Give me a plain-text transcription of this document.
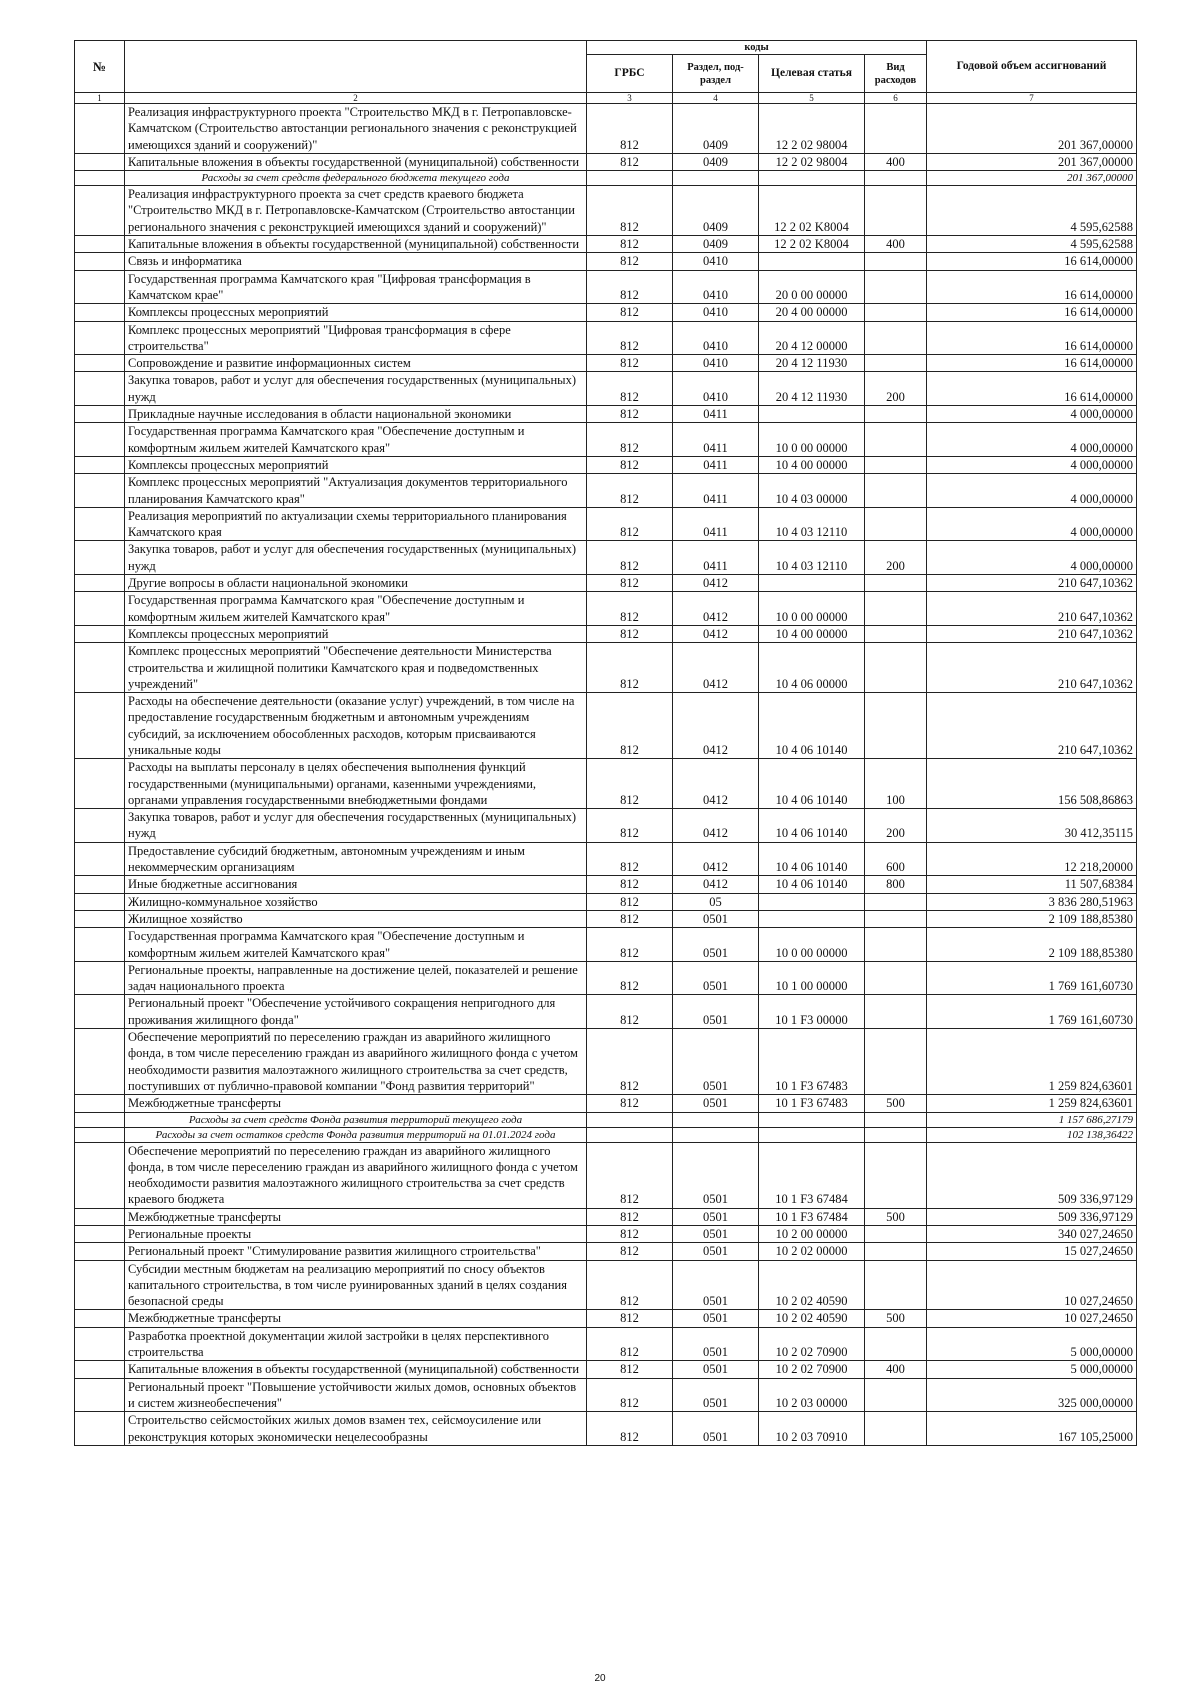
№		коды				Годовой объем ассигнований
		ГРБС	Раздел, под-раздел	Целевая статья	Вид расходов	
1	2	3	4	5	6	7
	Реализация инфраструктурного проекта "Строительство МКД в г. Петропавловске-Камчатском (Строительство автостанции регионального значения с реконструкцией имеющихся зданий и сооружений)"	812	0409	12 2 02 98004		201 367,00000
	Капитальные вложения в объекты государственной (муниципальной) собственности	812	0409	12 2 02 98004	400	201 367,00000
	Расходы за счет средств федерального бюджета текущего года					201 367,00000
	Реализация инфраструктурного проекта за счет средств краевого бюджета "Строительство МКД в г. Петропавловске-Камчатском (Строительство автостанции регионального значения с реконструкцией имеющихся зданий и сооружений)"	812	0409	12 2 02 K8004		4 595,62588
	Капитальные вложения в объекты государственной (муниципальной) собственности	812	0409	12 2 02 K8004	400	4 595,62588
	Связь и информатика	812	0410			16 614,00000
	Государственная программа Камчатского края "Цифровая трансформация в Камчатском крае"	812	0410	20 0 00 00000		16 614,00000
	Комплексы процессных мероприятий	812	0410	20 4 00 00000		16 614,00000
	Комплекс процессных мероприятий "Цифровая трансформация в сфере строительства"	812	0410	20 4 12 00000		16 614,00000
	Сопровождение и развитие информационных систем	812	0410	20 4 12 11930		16 614,00000
	Закупка товаров, работ и услуг для обеспечения государственных (муниципальных) нужд	812	0410	20 4 12 11930	200	16 614,00000
	Прикладные научные исследования в области национальной экономики	812	0411			4 000,00000
	Государственная программа Камчатского края "Обеспечение доступным и комфортным жильем жителей Камчатского края"	812	0411	10 0 00 00000		4 000,00000
	Комплексы процессных мероприятий	812	0411	10 4 00 00000		4 000,00000
	Комплекс процессных мероприятий "Актуализация документов территориального планирования Камчатского края"	812	0411	10 4 03 00000		4 000,00000
	Реализация мероприятий по актуализации схемы территориального планирования Камчатского края	812	0411	10 4 03 12110		4 000,00000
	Закупка товаров, работ и услуг для обеспечения государственных (муниципальных) нужд	812	0411	10 4 03 12110	200	4 000,00000
	Другие вопросы в области национальной экономики	812	0412			210 647,10362
	Государственная программа Камчатского края "Обеспечение доступным и комфортным жильем жителей Камчатского края"	812	0412	10 0 00 00000		210 647,10362
	Комплексы процессных мероприятий	812	0412	10 4 00 00000		210 647,10362
	Комплекс процессных мероприятий "Обеспечение деятельности Министерства строительства и жилищной политики Камчатского края и подведомственных учреждений"	812	0412	10 4 06 00000		210 647,10362
	Расходы на обеспечение деятельности (оказание услуг) учреждений, в том числе на предоставление государственным бюджетным и автономным учреждениям субсидий, за исключением обособленных расходов, которым присваиваются уникальные коды	812	0412	10 4 06 10140		210 647,10362
	Расходы на выплаты персоналу в целях обеспечения выполнения функций государственными (муниципальными) органами, казенными учреждениями, органами управления государственными внебюджетными фондами	812	0412	10 4 06 10140	100	156 508,86863
	Закупка товаров, работ и услуг для обеспечения государственных (муниципальных) нужд	812	0412	10 4 06 10140	200	30 412,35115
	Предоставление субсидий бюджетным, автономным учреждениям и иным некоммерческим организациям	812	0412	10 4 06 10140	600	12 218,20000
	Иные бюджетные ассигнования	812	0412	10 4 06 10140	800	11 507,68384
	Жилищно-коммунальное хозяйство	812	05			3 836 280,51963
	Жилищное хозяйство	812	0501			2 109 188,85380
	Государственная программа Камчатского края "Обеспечение доступным и комфортным жильем жителей Камчатского края"	812	0501	10 0 00 00000		2 109 188,85380
	Региональные проекты, направленные на достижение целей, показателей и решение задач национального проекта	812	0501	10 1 00 00000		1 769 161,60730
	Региональный проект "Обеспечение устойчивого сокращения непригодного для проживания жилищного фонда"	812	0501	10 1 F3 00000		1 769 161,60730
	Обеспечение мероприятий по переселению граждан из аварийного жилищного фонда, в том числе переселению граждан из аварийного жилищного фонда с учетом необходимости развития малоэтажного жилищного строительства за счет средств, поступивших от публично-правовой компании "Фонд развития территорий"	812	0501	10 1 F3 67483		1 259 824,63601
	Межбюджетные трансферты	812	0501	10 1 F3 67483	500	1 259 824,63601
	Расходы за счет средств Фонда развития территорий текущего года					1 157 686,27179
	Расходы за счет остатков средств Фонда развития территорий на 01.01.2024 года					102 138,36422
	Обеспечение мероприятий по переселению граждан из аварийного жилищного фонда, в том числе переселению граждан из аварийного жилищного фонда с учетом необходимости развития малоэтажного жилищного строительства за счет средств краевого бюджета	812	0501	10 1 F3 67484		509 336,97129
	Межбюджетные трансферты	812	0501	10 1 F3 67484	500	509 336,97129
	Региональные проекты	812	0501	10 2 00 00000		340 027,24650
	Региональный проект "Стимулирование развития жилищного строительства"	812	0501	10 2 02 00000		15 027,24650
	Субсидии местным бюджетам на реализацию мероприятий по сносу объектов капитального строительства, в том числе руинированных зданий в целях создания безопасной среды	812	0501	10 2 02 40590		10 027,24650
	Межбюджетные трансферты	812	0501	10 2 02 40590	500	10 027,24650
	Разработка проектной документации жилой застройки в целях перспективного строительства	812	0501	10 2 02 70900		5 000,00000
	Капитальные вложения в объекты государственной (муниципальной) собственности	812	0501	10 2 02 70900	400	5 000,00000
	Региональный проект "Повышение устойчивости жилых домов, основных объектов и систем жизнеобеспечения"	812	0501	10 2 03 00000		325 000,00000
	Строительство сейсмостойких жилых домов взамен тех, сейсмоусиление или реконструкция которых экономически нецелесообразны	812	0501	10 2 03 70910		167 105,25000
20
